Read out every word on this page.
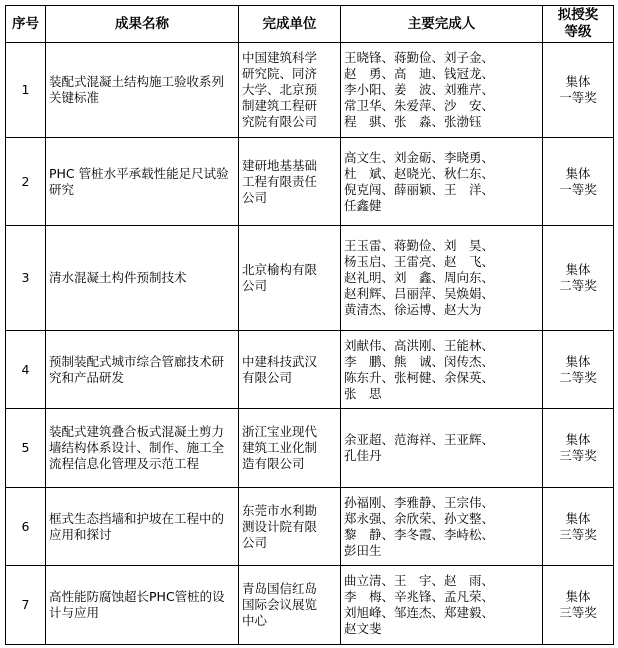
序号	成果名称	完成单位	主要完成人	拟授奖
等级

1	装配式混凝土结构施工验收系列关键标准	中国建筑科学
研究院、同济
大学、北京预
制建筑工程研
究院有限公司	王晓锋、蒋勤俭、刘子金、
赵　勇、高　迪、钱冠龙、
李小阳、姜　波、刘雅芹、
常卫华、朱爱萍、沙　安、
程　骐、张　淼、张渤钰	集体
一等奖

2	PHC 管桩水平承载性能足尺试验研究	建研地基基础
工程有限责任
公司	高文生、刘金砺、李晓勇、
杜　斌、赵晓光、秋仁东、
倪克闯、薛丽颖、王　洋、
任鑫健	集体
一等奖

3	清水混凝土构件预制技术	北京榆构有限
公司	王玉雷、蒋勤俭、刘　昊、
杨玉启、王雷亮、赵　飞、
赵礼明、刘　鑫、周向东、
赵利辉、吕丽萍、吴焕娟、
黄清杰、徐运博、赵大为	集体
二等奖

4	预制装配式城市综合管廊技术研究和产品研发	中建科技武汉
有限公司	刘献伟、高洪刚、王能林、
李　鹏、熊　诚、闵传杰、
陈东升、张柯健、余保英、
张　思	集体
二等奖

5	装配式建筑叠合板式混凝土剪力墙结构体系设计、制作、施工全流程信息化管理及示范工程	浙江宝业现代
建筑工业化制
造有限公司	余亚超、范海祥、王亚辉、
孔佳丹	集体
三等奖

6	框式生态挡墙和护坡在工程中的应用和探讨	东莞市水利勘
测设计院有限
公司	孙福刚、李雅静、王宗伟、
郑永强、余欣荣、孙文整、
黎　静、李冬霞、李峙松、
彭田生	集体
三等奖

7	高性能防腐蚀超长PHC管桩的设计与应用	青岛国信红岛
国际会议展览
中心	曲立清、王　宇、赵　雨、
李　梅、辛兆锋、孟凡荣、
刘旭峰、邹连杰、郑建毅、
赵文斐	集体
三等奖
